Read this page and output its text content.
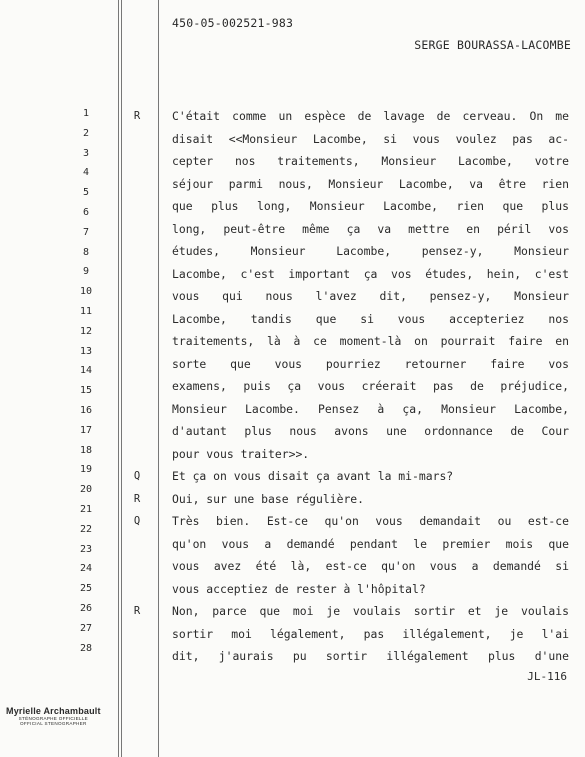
450-05-002521-983
SERGE BOURASSA-LACOMBE
1	R	C'était comme un espèce de lavage de cerveau. On me
2	disait <<Monsieur Lacombe, si vous voulez pas ac-
3
cepter nos traitements, Monsieur Lacombe, votre
4
séjour parmi nous, Monsieur Lacombe, va être rien
5
que plus long, Monsieur Lacombe, rien que plus
6
long, peut-être même ça va mettre en péril vos
7
études, Monsieur Lacombe, pensez-y, Monsieur
8
Lacombe, c'est important ça vos études, hein, c'est
9
vous qui nous l'avez dit, pensez-y, Monsieur
10
Lacombe, tandis que si vous accepteriez nos
11
traitements, là à ce moment-là on pourrait faire en
12
sorte que vous pourriez retourner faire vos
13
examens, puis ça vous créerait pas de préjudice,
14
Monsieur Lacombe. Pensez à ça, Monsieur Lacombe,
15
d'autant plus nous avons une ordonnance de Cour
16
pour vous traiter>>.
17
Q	Et ça on vous disait ça avant la mi-mars?
18
R	Oui, sur une base régulière.
19
Q	Très bien. Est-ce qu'on vous demandait ou est-ce
20
qu'on vous a demandé pendant le premier mois que
21
vous avez été là, est-ce qu'on vous a demandé si
22
vous acceptiez de rester à l'hôpital?
23
R	Non, parce que moi je voulais sortir et je voulais
24
sortir moi légalement, pas illégalement, je l'ai
25
dit, j'aurais pu sortir illégalement plus d'une
26
27
28
JL-116
Myrielle Archambault
STÉNOGRAPHE OFFICIELLE
OFFICIAL STENOGRAPHER
